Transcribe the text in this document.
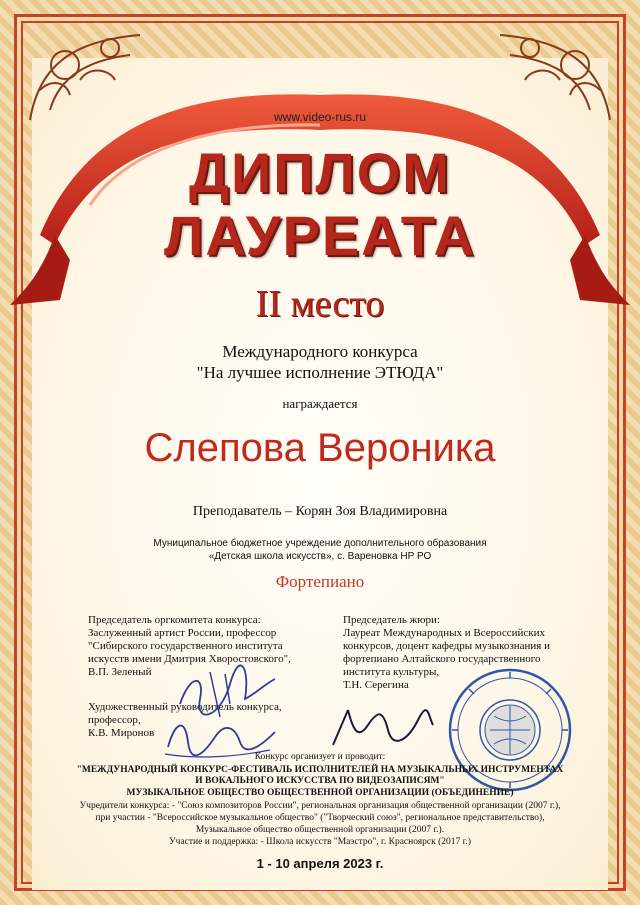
www.video-rus.ru
ДИПЛОМ
ЛАУРЕАТА
II место
Международного конкурса
"На лучшее исполнение ЭТЮДА"
награждается
Слепова Вероника
Преподаватель – Корян Зоя Владимировна
Муниципальное бюджетное учреждение дополнительного образования
«Детская школа искусств», с. Вареновка НР РО
Фортепиано
Председатель оргкомитета конкурса:
Заслуженный артист России, профессор
"Сибирского государственного института
искусств имени Дмитрия Хворостовского",
В.П. Зеленый
Художественный руководитель конкурса,
профессор,
К.В. Миронов
Председатель жюри:
Лауреат Международных и Всероссийских
конкурсов, доцент кафедры музыкознания и
фортепиано Алтайского государственного
института культуры,
Т.Н. Серегина
Конкурс организует и проводит:
"МЕЖДУНАРОДНЫЙ КОНКУРС-ФЕСТИВАЛЬ ИСПОЛНИТЕЛЕЙ НА МУЗЫКАЛЬНЫХ ИНСТРУМЕНТАХ
И ВОКАЛЬНОГО ИСКУССТВА ПО ВИДЕОЗАПИСЯМ"
МУЗЫКАЛЬНОЕ ОБЩЕСТВО ОБЩЕСТВЕННОЙ ОРГАНИЗАЦИИ (ОБЪЕДИНЕНИЕ)
Учредители конкурса: - "Союз композиторов России", региональная организация общественной организации (2007 г.),
при участии - "Всероссийское музыкальное общество" ("Творческий союз", региональное представительство),
Музыкальное общество общественной организации (2007 г.).
Участие и поддержка: - Школа искусств "Маэстро", г. Красноярск (2017 г.)
1 - 10 апреля 2023 г.
